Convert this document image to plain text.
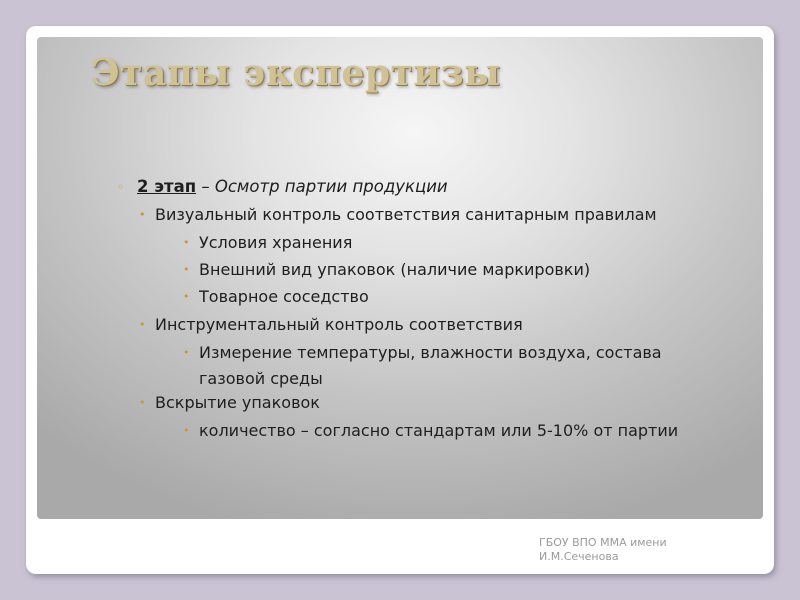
Этапы экспертизы
◦ 2 этап – Осмотр партии продукции
• Визуальный контроль соответствия санитарным правилам
• Условия хранения
• Внешний вид упаковок (наличие маркировки)
• Товарное соседство
• Инструментальный контроль соответствия
• Измерение температуры, влажности воздуха, состава газовой среды
• Вскрытие упаковок
• количество – согласно стандартам или 5-10% от партии
ГБОУ ВПО ММА имени
И.М.Сеченова
